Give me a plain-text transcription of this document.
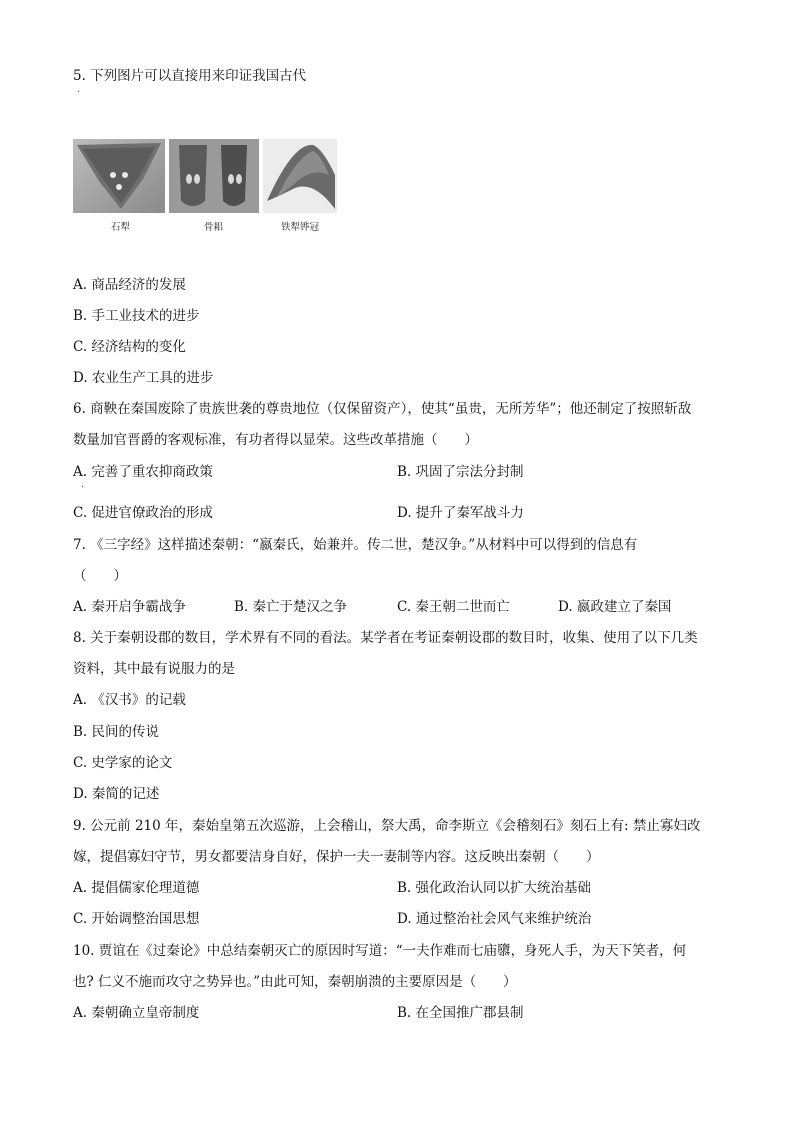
5. 下列图片可以直接用来印证我国古代
·
石犁	骨耜	铁犁铧冠
A. 商品经济的发展
B. 手工业技术的进步
C. 经济结构的变化
D. 农业生产工具的进步
6. 商鞅在秦国废除了贵族世袭的尊贵地位（仅保留资产），使其“虽贵，无所芳华”；他还制定了按照斩敌
数量加官晋爵的客观标准，有功者得以显荣。这些改革措施（　　）
A. 完善了重农抑商政策	B. 巩固了宗法分封制
·
C. 促进官僚政治的形成	D. 提升了秦军战斗力
7. 《三字经》这样描述秦朝：“嬴秦氏，始兼并。传二世，楚汉争。”从材料中可以得到的信息有
（　　）
A. 秦开启争霸战争	B. 秦亡于楚汉之争	C. 秦王朝二世而亡	D. 嬴政建立了秦国
8. 关于秦朝设郡的数目，学术界有不同的看法。某学者在考证秦朝设郡的数目时，收集、使用了以下几类
资料，其中最有说服力的是
A. 《汉书》的记载
B. 民间的传说
C. 史学家的论文
D. 秦简的记述
9. 公元前 210 年，秦始皇第五次巡游，上会稽山，祭大禹，命李斯立《会稽刻石》刻石上有: 禁止寡妇改
嫁，提倡寡妇守节，男女都要洁身自好，保护一夫一妻制等内容。这反映出秦朝（　　）
A. 提倡儒家伦理道德	B. 强化政治认同以扩大统治基础
C. 开始调整治国思想	D. 通过整治社会风气来维护统治
10. 贾谊在《过秦论》中总结秦朝灭亡的原因时写道：“一夫作难而七庙隳，身死人手，为天下笑者，何
也? 仁义不施而攻守之势异也。”由此可知，秦朝崩溃的主要原因是（　　）
A. 秦朝确立皇帝制度	B. 在全国推广郡县制
